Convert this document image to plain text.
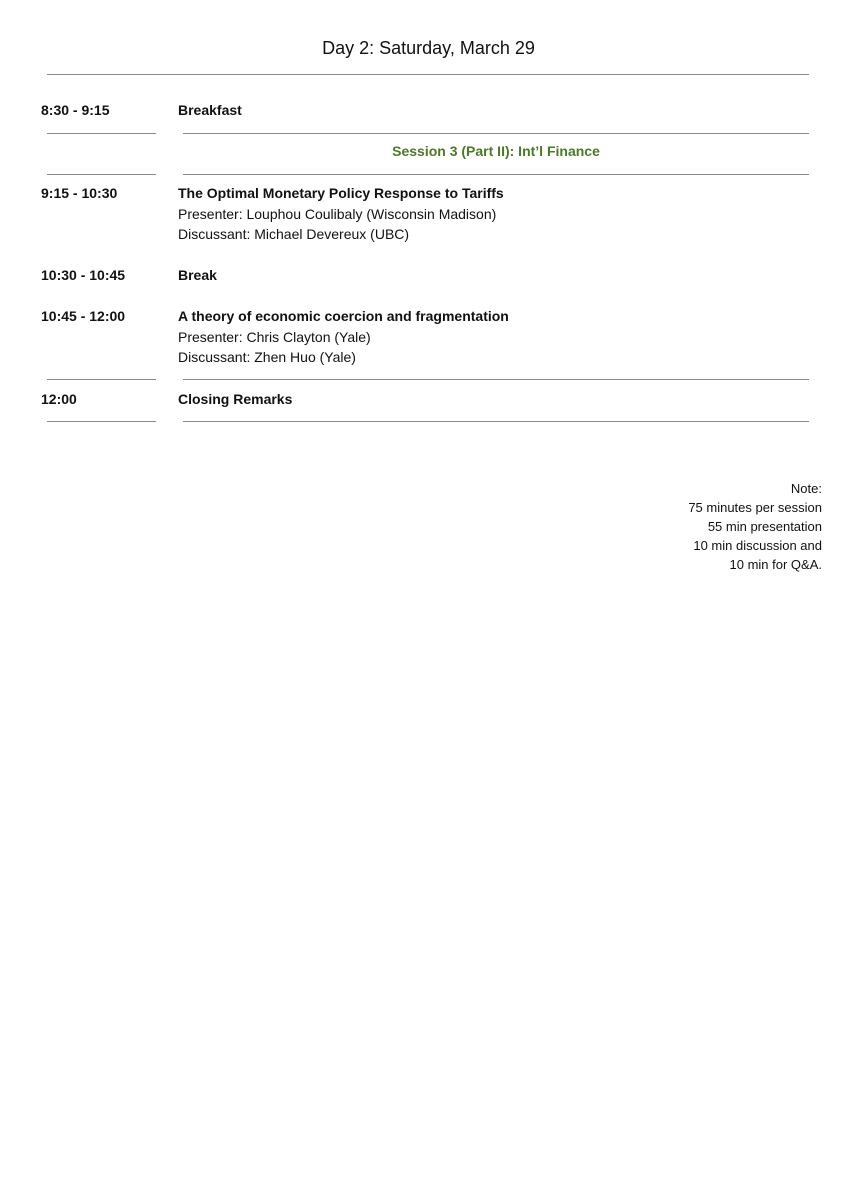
Day 2: Saturday, March 29
8:30 - 9:15	Breakfast
Session 3 (Part II): Int’l Finance
9:15 - 10:30	The Optimal Monetary Policy Response to Tariffs
Presenter: Louphou Coulibaly (Wisconsin Madison)
Discussant: Michael Devereux (UBC)
10:30 - 10:45	Break
10:45 - 12:00	A theory of economic coercion and fragmentation
Presenter: Chris Clayton (Yale)
Discussant: Zhen Huo (Yale)
12:00	Closing Remarks
Note:
75 minutes per session
55 min presentation
10 min discussion and
10 min for Q&A.
